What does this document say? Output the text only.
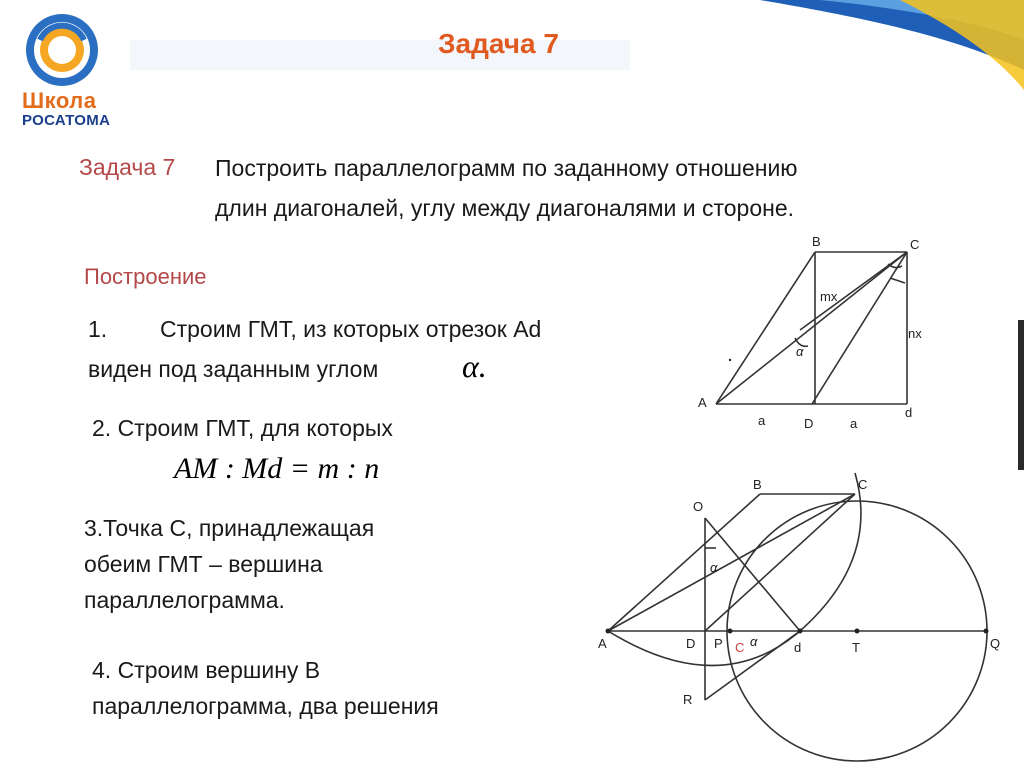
Школа
РОСАТОМА
Задача 7
Задача 7 Построить параллелограмм по заданному отношению
длин диагоналей, углу между диагоналями и стороне.
Построение
1. Строим ГМТ, из которых отрезок Ad
виден под заданным углом	α.
2. Строим ГМТ, для которых
AM : Md = m : n
3.Точка С, принадлежащая
обеим ГМТ – вершина
параллелограмма.
4. Строим вершину В
параллелограмма, два решения
B	C
A
D
d
a	a
mx
nx
α
O
B	C
A	D P	d	T	Q
R
C
α
α
